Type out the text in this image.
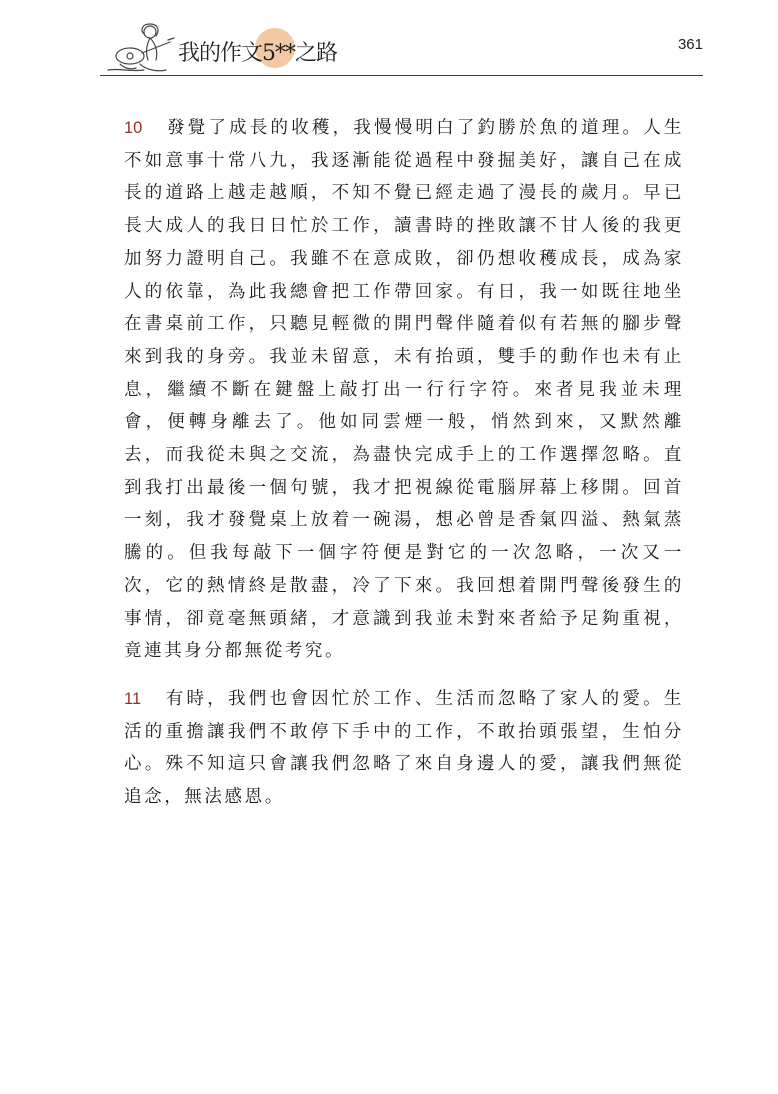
我的作文5**之路	361

10 發覺了成長的收穫，我慢慢明白了釣勝於魚的道理。人生不如意事十常八九，我逐漸能從過程中發掘美好，讓自己在成長的道路上越走越順，不知不覺已經走過了漫長的歲月。早已長大成人的我日日忙於工作，讀書時的挫敗讓不甘人後的我更加努力證明自己。我雖不在意成敗，卻仍想收穫成長，成為家人的依靠，為此我總會把工作帶回家。有日，我一如既往地坐在書桌前工作，只聽見輕微的開門聲伴隨着似有若無的腳步聲來到我的身旁。我並未留意，未有抬頭，雙手的動作也未有止息，繼續不斷在鍵盤上敲打出一行行字符。來者見我並未理會，便轉身離去了。他如同雲煙一般，悄然到來，又默然離去，而我從未與之交流，為盡快完成手上的工作選擇忽略。直到我打出最後一個句號，我才把視線從電腦屏幕上移開。回首一刻，我才發覺桌上放着一碗湯，想必曾是香氣四溢、熱氣蒸騰的。但我每敲下一個字符便是對它的一次忽略，一次又一次，它的熱情終是散盡，冷了下來。我回想着開門聲後發生的事情，卻竟毫無頭緒，才意識到我並未對來者給予足夠重視，竟連其身分都無從考究。

11 有時，我們也會因忙於工作、生活而忽略了家人的愛。生活的重擔讓我們不敢停下手中的工作，不敢抬頭張望，生怕分心。殊不知這只會讓我們忽略了來自身邊人的愛，讓我們無從追念，無法感恩。
